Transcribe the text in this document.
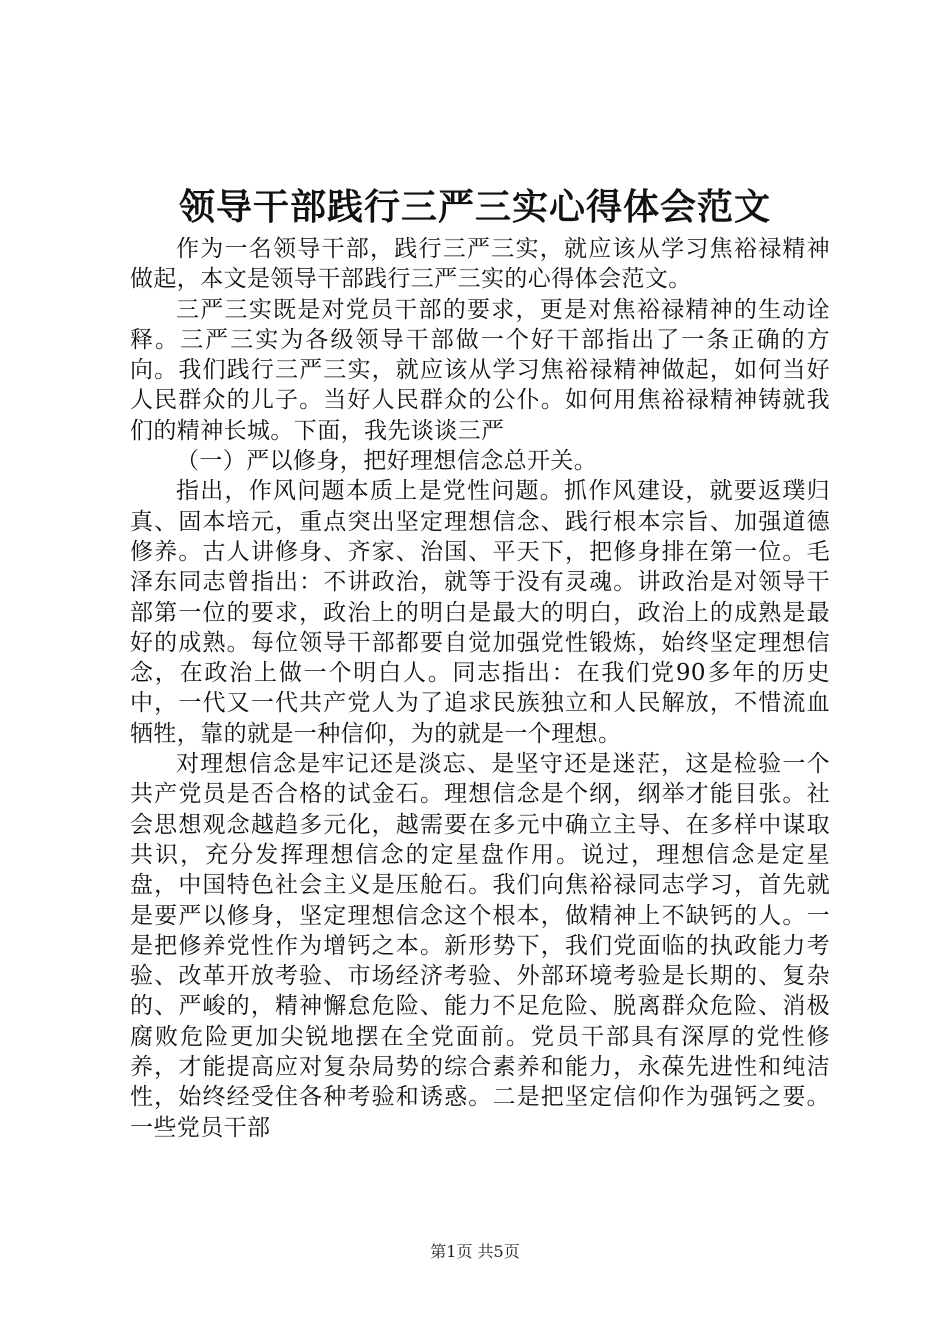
领导干部践行三严三实心得体会范文

作为一名领导干部，践行三严三实，就应该从学习焦裕禄精神做起，本文是领导干部践行三严三实的心得体会范文。

三严三实既是对党员干部的要求，更是对焦裕禄精神的生动诠释。三严三实为各级领导干部做一个好干部指出了一条正确的方向。我们践行三严三实，就应该从学习焦裕禄精神做起，如何当好人民群众的儿子。当好人民群众的公仆。如何用焦裕禄精神铸就我们的精神长城。下面，我先谈谈三严

（一）严以修身，把好理想信念总开关。

指出，作风问题本质上是党性问题。抓作风建设，就要返璞归真、固本培元，重点突出坚定理想信念、践行根本宗旨、加强道德修养。古人讲修身、齐家、治国、平天下，把修身排在第一位。毛泽东同志曾指出：不讲政治，就等于没有灵魂。讲政治是对领导干部第一位的要求，政治上的明白是最大的明白，政治上的成熟是最好的成熟。每位领导干部都要自觉加强党性锻炼，始终坚定理想信念，在政治上做一个明白人。同志指出：在我们党90多年的历史中，一代又一代共产党人为了追求民族独立和人民解放，不惜流血牺牲，靠的就是一种信仰，为的就是一个理想。

对理想信念是牢记还是淡忘、是坚守还是迷茫，这是检验一个共产党员是否合格的试金石。理想信念是个纲，纲举才能目张。社会思想观念越趋多元化，越需要在多元中确立主导、在多样中谋取共识，充分发挥理想信念的定星盘作用。说过，理想信念是定星盘，中国特色社会主义是压舱石。我们向焦裕禄同志学习，首先就是要严以修身，坚定理想信念这个根本，做精神上不缺钙的人。一是把修养党性作为增钙之本。新形势下，我们党面临的执政能力考验、改革开放考验、市场经济考验、外部环境考验是长期的、复杂的、严峻的，精神懈怠危险、能力不足危险、脱离群众危险、消极腐败危险更加尖锐地摆在全党面前。党员干部具有深厚的党性修养，才能提高应对复杂局势的综合素养和能力，永葆先进性和纯洁性，始终经受住各种考验和诱惑。二是把坚定信仰作为强钙之要。一些党员干部

第1页 共5页
